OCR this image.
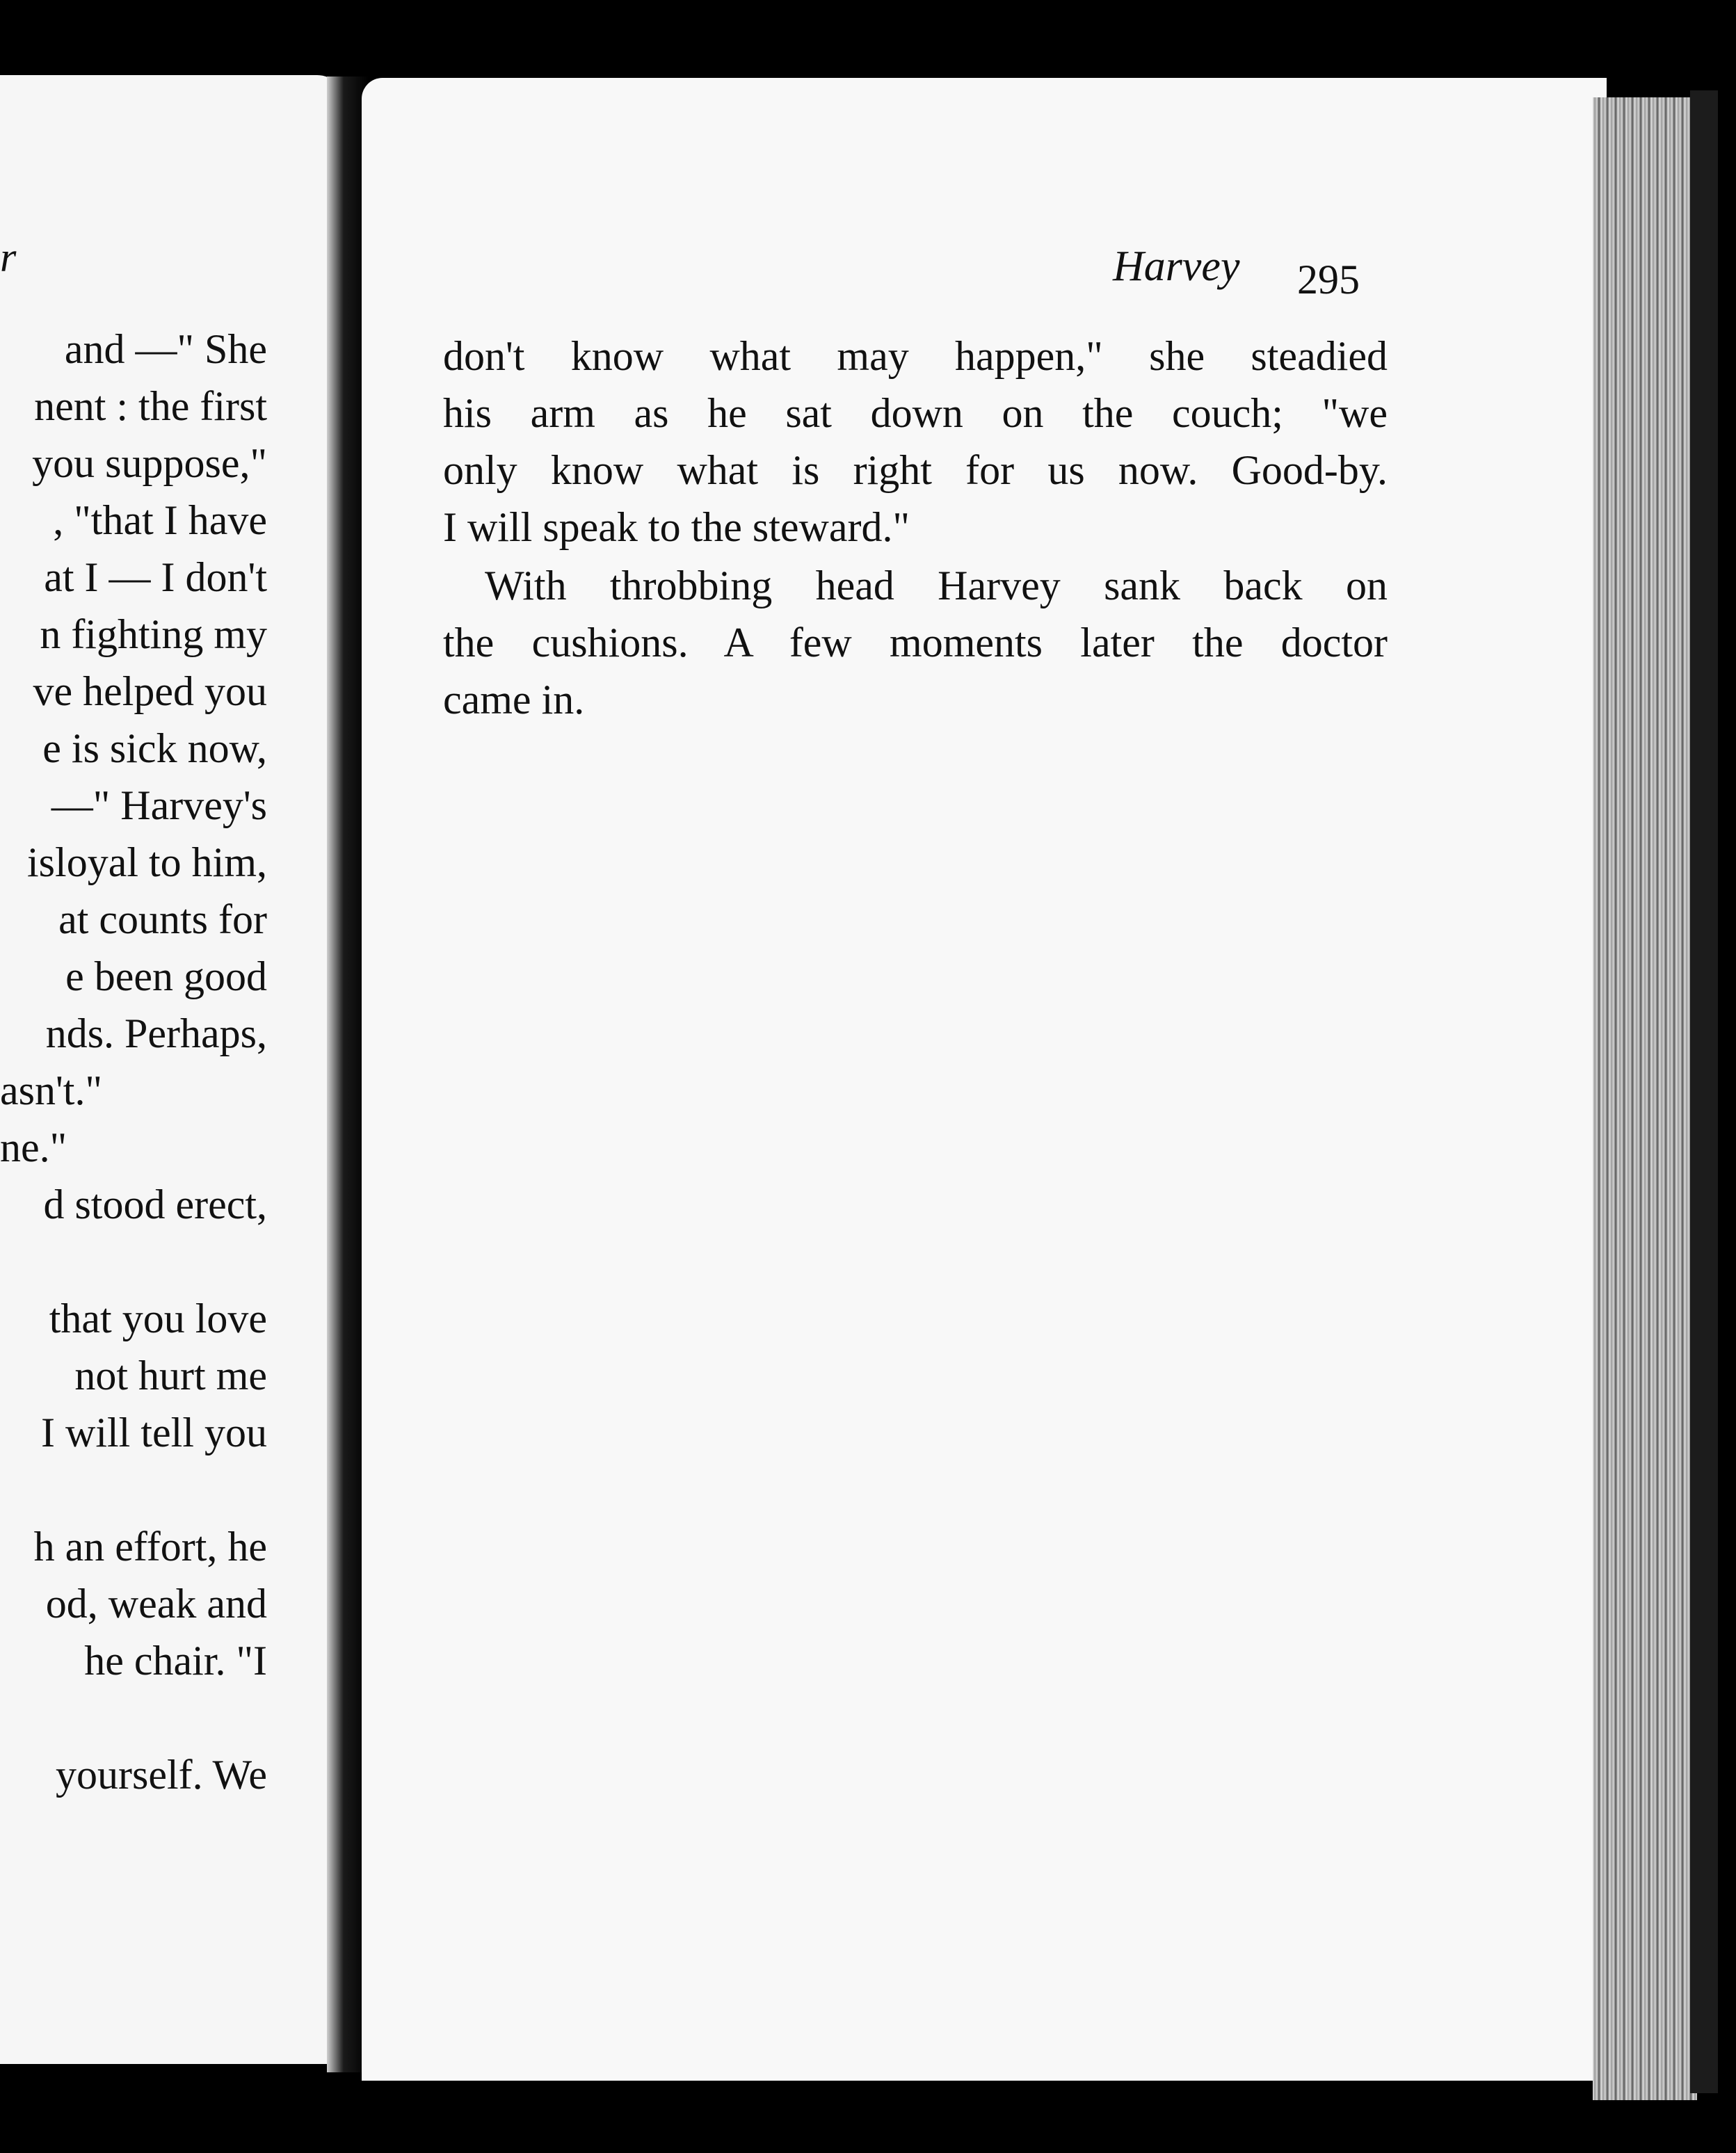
r
and —" She
nent : the first
you suppose,"
, "that I have
at I — I don't
n fighting my
ve helped you
e is sick now,
—" Harvey's
isloyal to him,
at counts for
e been good
nds. Perhaps,
asn't."
ne."
d stood erect,
that you love
not hurt me
I will tell you
h an effort, he
od, weak and
he chair. "I
yourself. We
Harvey 295
don't know what may happen," she steadied
his arm as he sat down on the couch; "we
only know what is right for us now. Good-by.
I will speak to the steward."
With throbbing head Harvey sank back on
the cushions. A few moments later the doctor
came in.
